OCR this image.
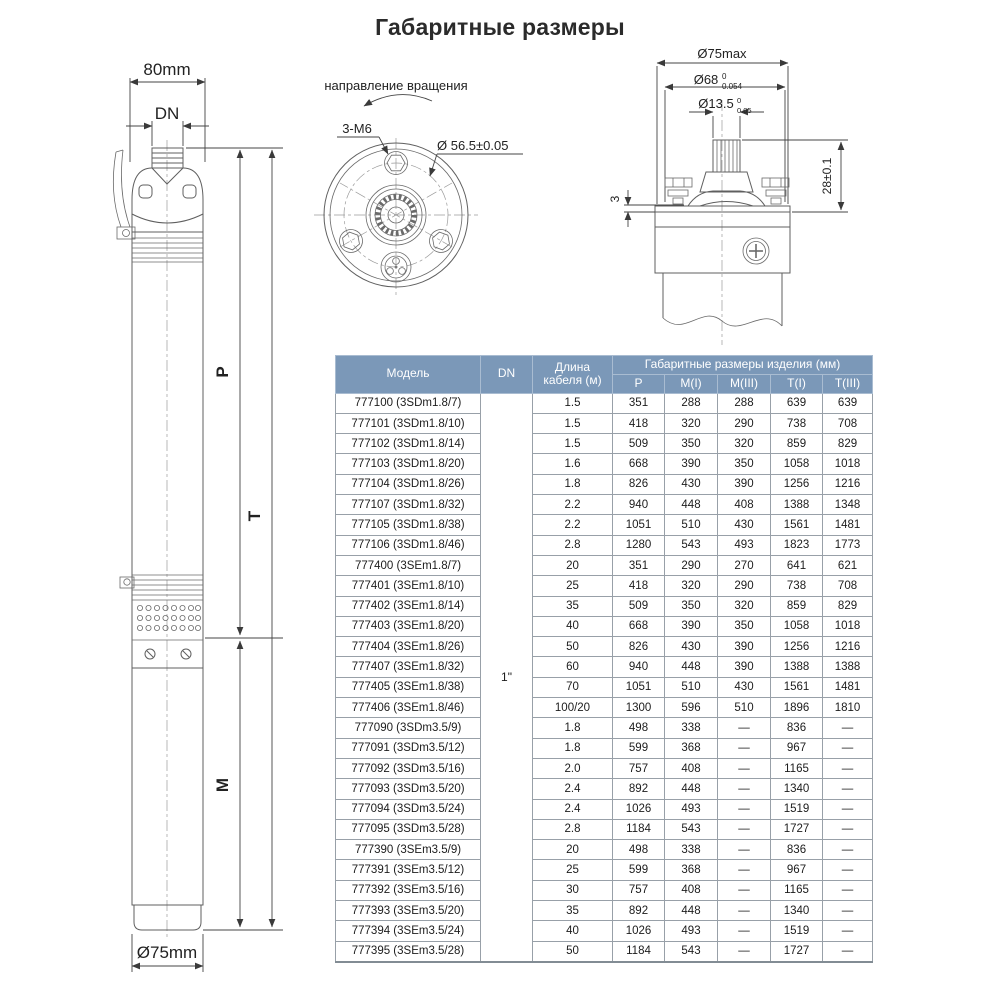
Габаритные размеры
80mm
DN
P
T
M
Ø75mm
направление вращения
3-М6
Ø 56.5±0.05
Ø75max
Ø68 0
0.054
Ø13.5 0
0.05
28±0.1
3
Модель	DN	Длина кабеля (м)	Габаритные размеры изделия (мм)				
			P	M(I)	M(III)	T(I)	T(III)
777100 (3SDm1.8/7)	1"	1.5	351	288	288	639	639
777101 (3SDm1.8/10)		1.5	418	320	290	738	708
777102 (3SDm1.8/14)		1.5	509	350	320	859	829
777103 (3SDm1.8/20)		1.6	668	390	350	1058	1018
777104 (3SDm1.8/26)		1.8	826	430	390	1256	1216
777107 (3SDm1.8/32)		2.2	940	448	408	1388	1348
777105 (3SDm1.8/38)		2.2	1051	510	430	1561	1481
777106 (3SDm1.8/46)		2.8	1280	543	493	1823	1773
777400 (3SEm1.8/7)		20	351	290	270	641	621
777401 (3SEm1.8/10)		25	418	320	290	738	708
777402 (3SEm1.8/14)		35	509	350	320	859	829
777403 (3SEm1.8/20)		40	668	390	350	1058	1018
777404 (3SEm1.8/26)		50	826	430	390	1256	1216
777407 (3SEm1.8/32)		60	940	448	390	1388	1388
777405 (3SEm1.8/38)		70	1051	510	430	1561	1481
777406 (3SEm1.8/46)		100/20	1300	596	510	1896	1810
777090 (3SDm3.5/9)		1.8	498	338	—	836	—
777091 (3SDm3.5/12)		1.8	599	368	—	967	—
777092 (3SDm3.5/16)		2.0	757	408	—	1165	—
777093 (3SDm3.5/20)		2.4	892	448	—	1340	—
777094 (3SDm3.5/24)		2.4	1026	493	—	1519	—
777095 (3SDm3.5/28)		2.8	1184	543	—	1727	—
777390 (3SEm3.5/9)		20	498	338	—	836	—
777391 (3SEm3.5/12)		25	599	368	—	967	—
777392 (3SEm3.5/16)		30	757	408	—	1165	—
777393 (3SEm3.5/20)		35	892	448	—	1340	—
777394 (3SEm3.5/24)		40	1026	493	—	1519	—
777395 (3SEm3.5/28)		50	1184	543	—	1727	—
